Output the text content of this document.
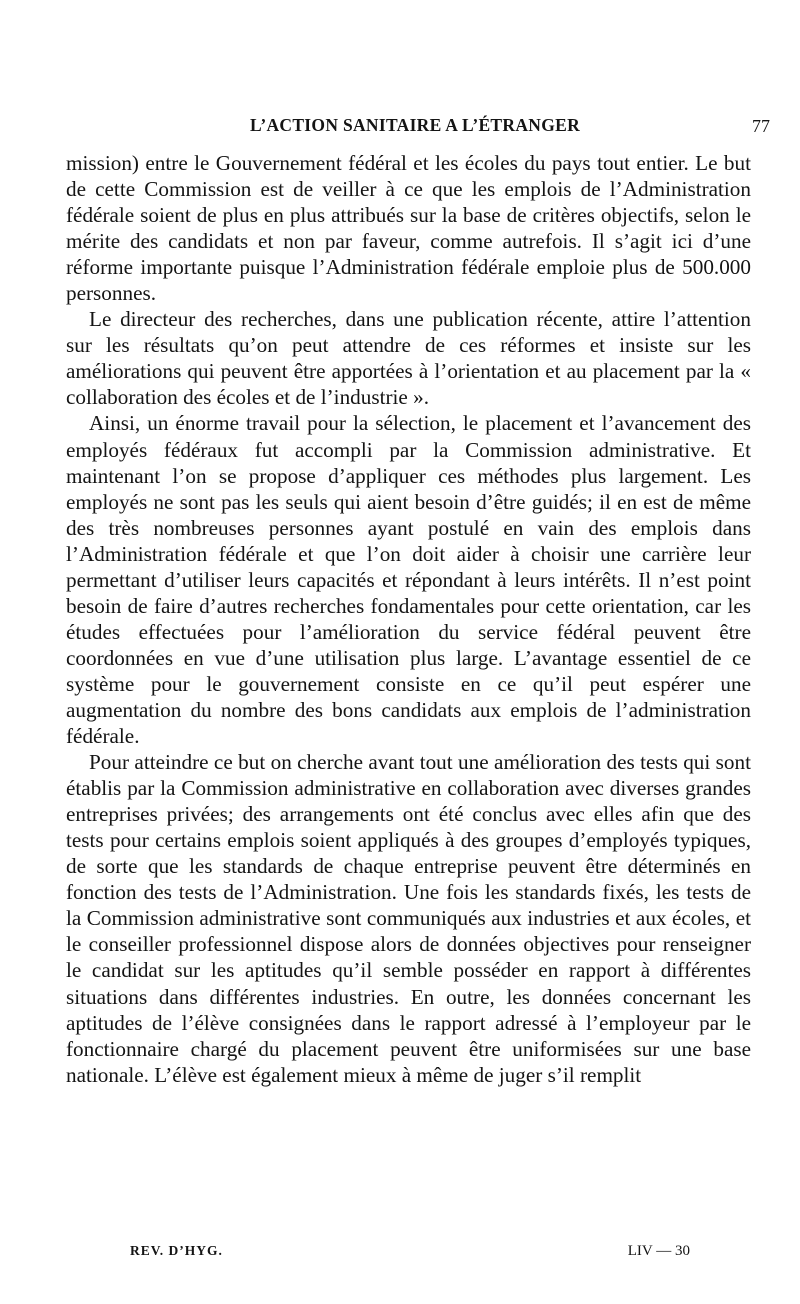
L’ACTION SANITAIRE A L’ÉTRANGER	77

mission) entre le Gouvernement fédéral et les écoles du pays tout entier. Le but de cette Commission est de veiller à ce que les emplois de l’Administration fédérale soient de plus en plus attribués sur la base de critères objectifs, selon le mérite des candidats et non par faveur, comme autrefois. Il s’agit ici d’une réforme importante puisque l’Administration fédérale emploie plus de 500.000 personnes.

Le directeur des recherches, dans une publication récente, attire l’attention sur les résultats qu’on peut attendre de ces réformes et insiste sur les améliorations qui peuvent être apportées à l’orientation et au placement par la « collaboration des écoles et de l’industrie ».

Ainsi, un énorme travail pour la sélection, le placement et l’avancement des employés fédéraux fut accompli par la Commission administrative. Et maintenant l’on se propose d’appliquer ces méthodes plus largement. Les employés ne sont pas les seuls qui aient besoin d’être guidés; il en est de même des très nombreuses personnes ayant postulé en vain des emplois dans l’Administration fédérale et que l’on doit aider à choisir une carrière leur permettant d’utiliser leurs capacités et répondant à leurs intérêts. Il n’est point besoin de faire d’autres recherches fondamentales pour cette orientation, car les études effectuées pour l’amélioration du service fédéral peuvent être coordonnées en vue d’une utilisation plus large. L’avantage essentiel de ce système pour le gouvernement consiste en ce qu’il peut espérer une augmentation du nombre des bons candidats aux emplois de l’administration fédérale.

Pour atteindre ce but on cherche avant tout une amélioration des tests qui sont établis par la Commission administrative en collaboration avec diverses grandes entreprises privées; des arrangements ont été conclus avec elles afin que des tests pour certains emplois soient appliqués à des groupes d’employés typiques, de sorte que les standards de chaque entreprise peuvent être déterminés en fonction des tests de l’Administration. Une fois les standards fixés, les tests de la Commission administrative sont communiqués aux industries et aux écoles, et le conseiller professionnel dispose alors de données objectives pour renseigner le candidat sur les aptitudes qu’il semble posséder en rapport à différentes situations dans différentes industries. En outre, les données concernant les aptitudes de l’élève consignées dans le rapport adressé à l’employeur par le fonctionnaire chargé du placement peuvent être uniformisées sur une base nationale. L’élève est également mieux à même de juger s’il remplit

REV. D’HYG.	LIV — 30
